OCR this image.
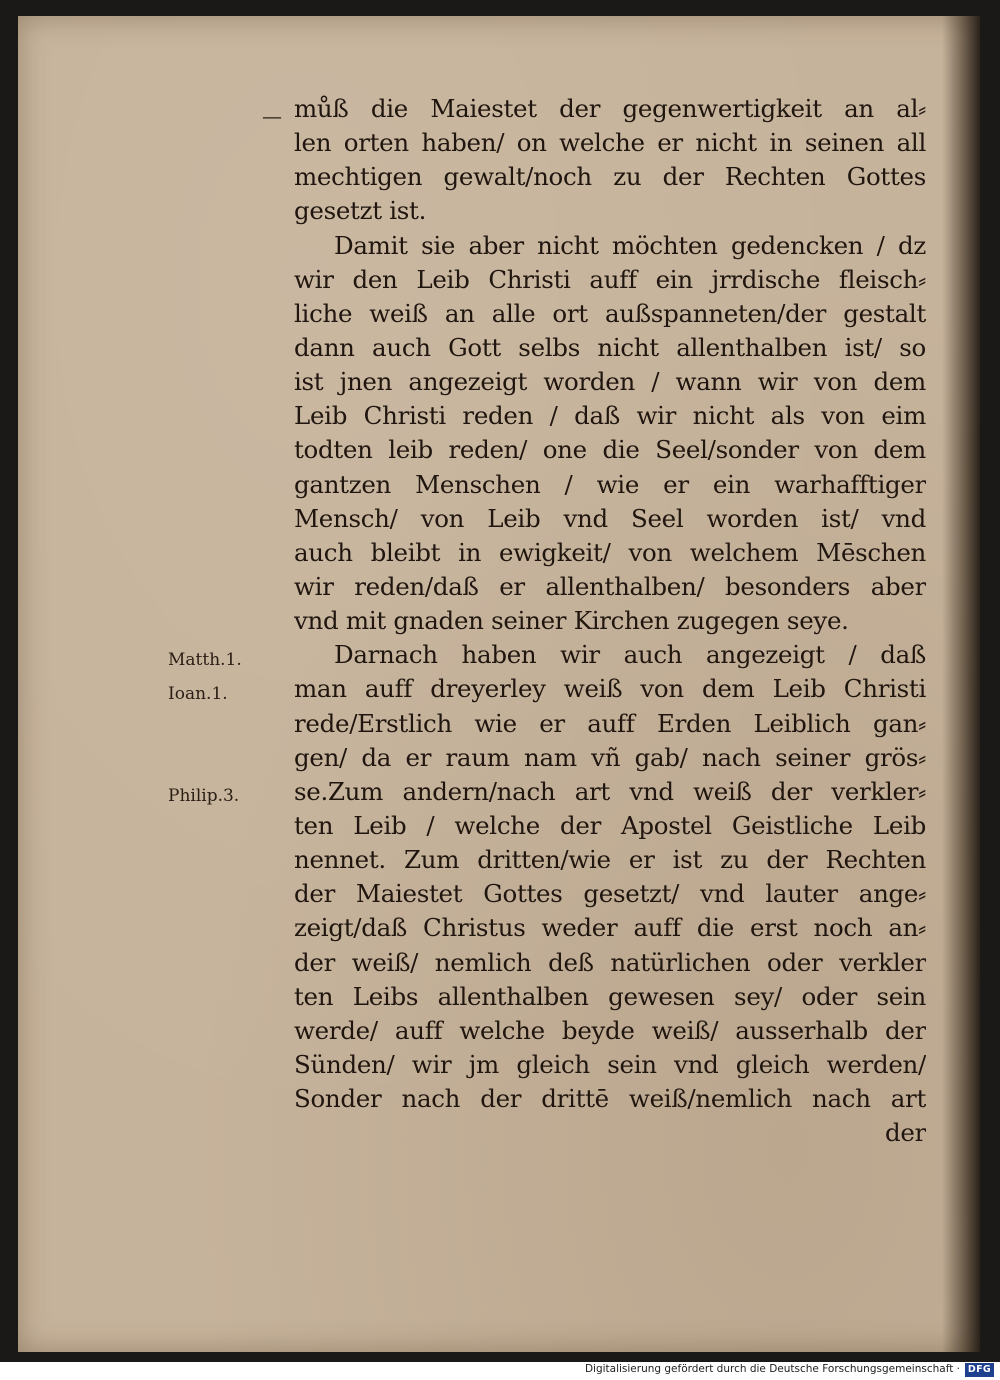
— můß die Maiestet der gegenwertigkeit an al⸗
len orten haben/ on welche er nicht in seinen all
mechtigen gewalt/noch zu der Rechten Gottes
gesetzt ist.
Damit sie aber nicht möchten gedencken / dz
wir den Leib Christi auff ein jrrdische fleisch⸗
liche weiß an alle ort außspanneten/der gestalt
dann auch Gott selbs nicht allenthalben ist/ so
ist jnen angezeigt worden / wann wir von dem
Leib Christi reden / daß wir nicht als von eim
todten leib reden/ one die Seel/sonder von dem
gantzen Menschen / wie er ein warhafftiger
Mensch/ von Leib vnd Seel worden ist/ vnd
auch bleibt in ewigkeit/ von welchem Mēschen
wir reden/daß er allenthalben/ besonders aber
vnd mit gnaden seiner Kirchen zugegen seye.
Darnach haben wir auch angezeigt / daß
man auff dreyerley weiß von dem Leib Christi
rede/Erstlich wie er auff Erden Leiblich gan⸗
gen/ da er raum nam vñ gab/ nach seiner grös⸗
se.Zum andern/nach art vnd weiß der verkler⸗
ten Leib / welche der Apostel Geistliche Leib
nennet. Zum dritten/wie er ist zu der Rechten
der Maiestet Gottes gesetzt/ vnd lauter ange⸗
zeigt/daß Christus weder auff die erst noch an⸗
der weiß/ nemlich deß natürlichen oder verkler
ten Leibs allenthalben gewesen sey/ oder sein
werde/ auff welche beyde weiß/ ausserhalb der
Sünden/ wir jm gleich sein vnd gleich werden/
Sonder nach der drittē weiß/nemlich nach art
der
Matth.1.
Ioan.1.
Philip.3.
Digitalisierung gefördert durch die Deutsche Forschungsgemeinschaft · DFG
